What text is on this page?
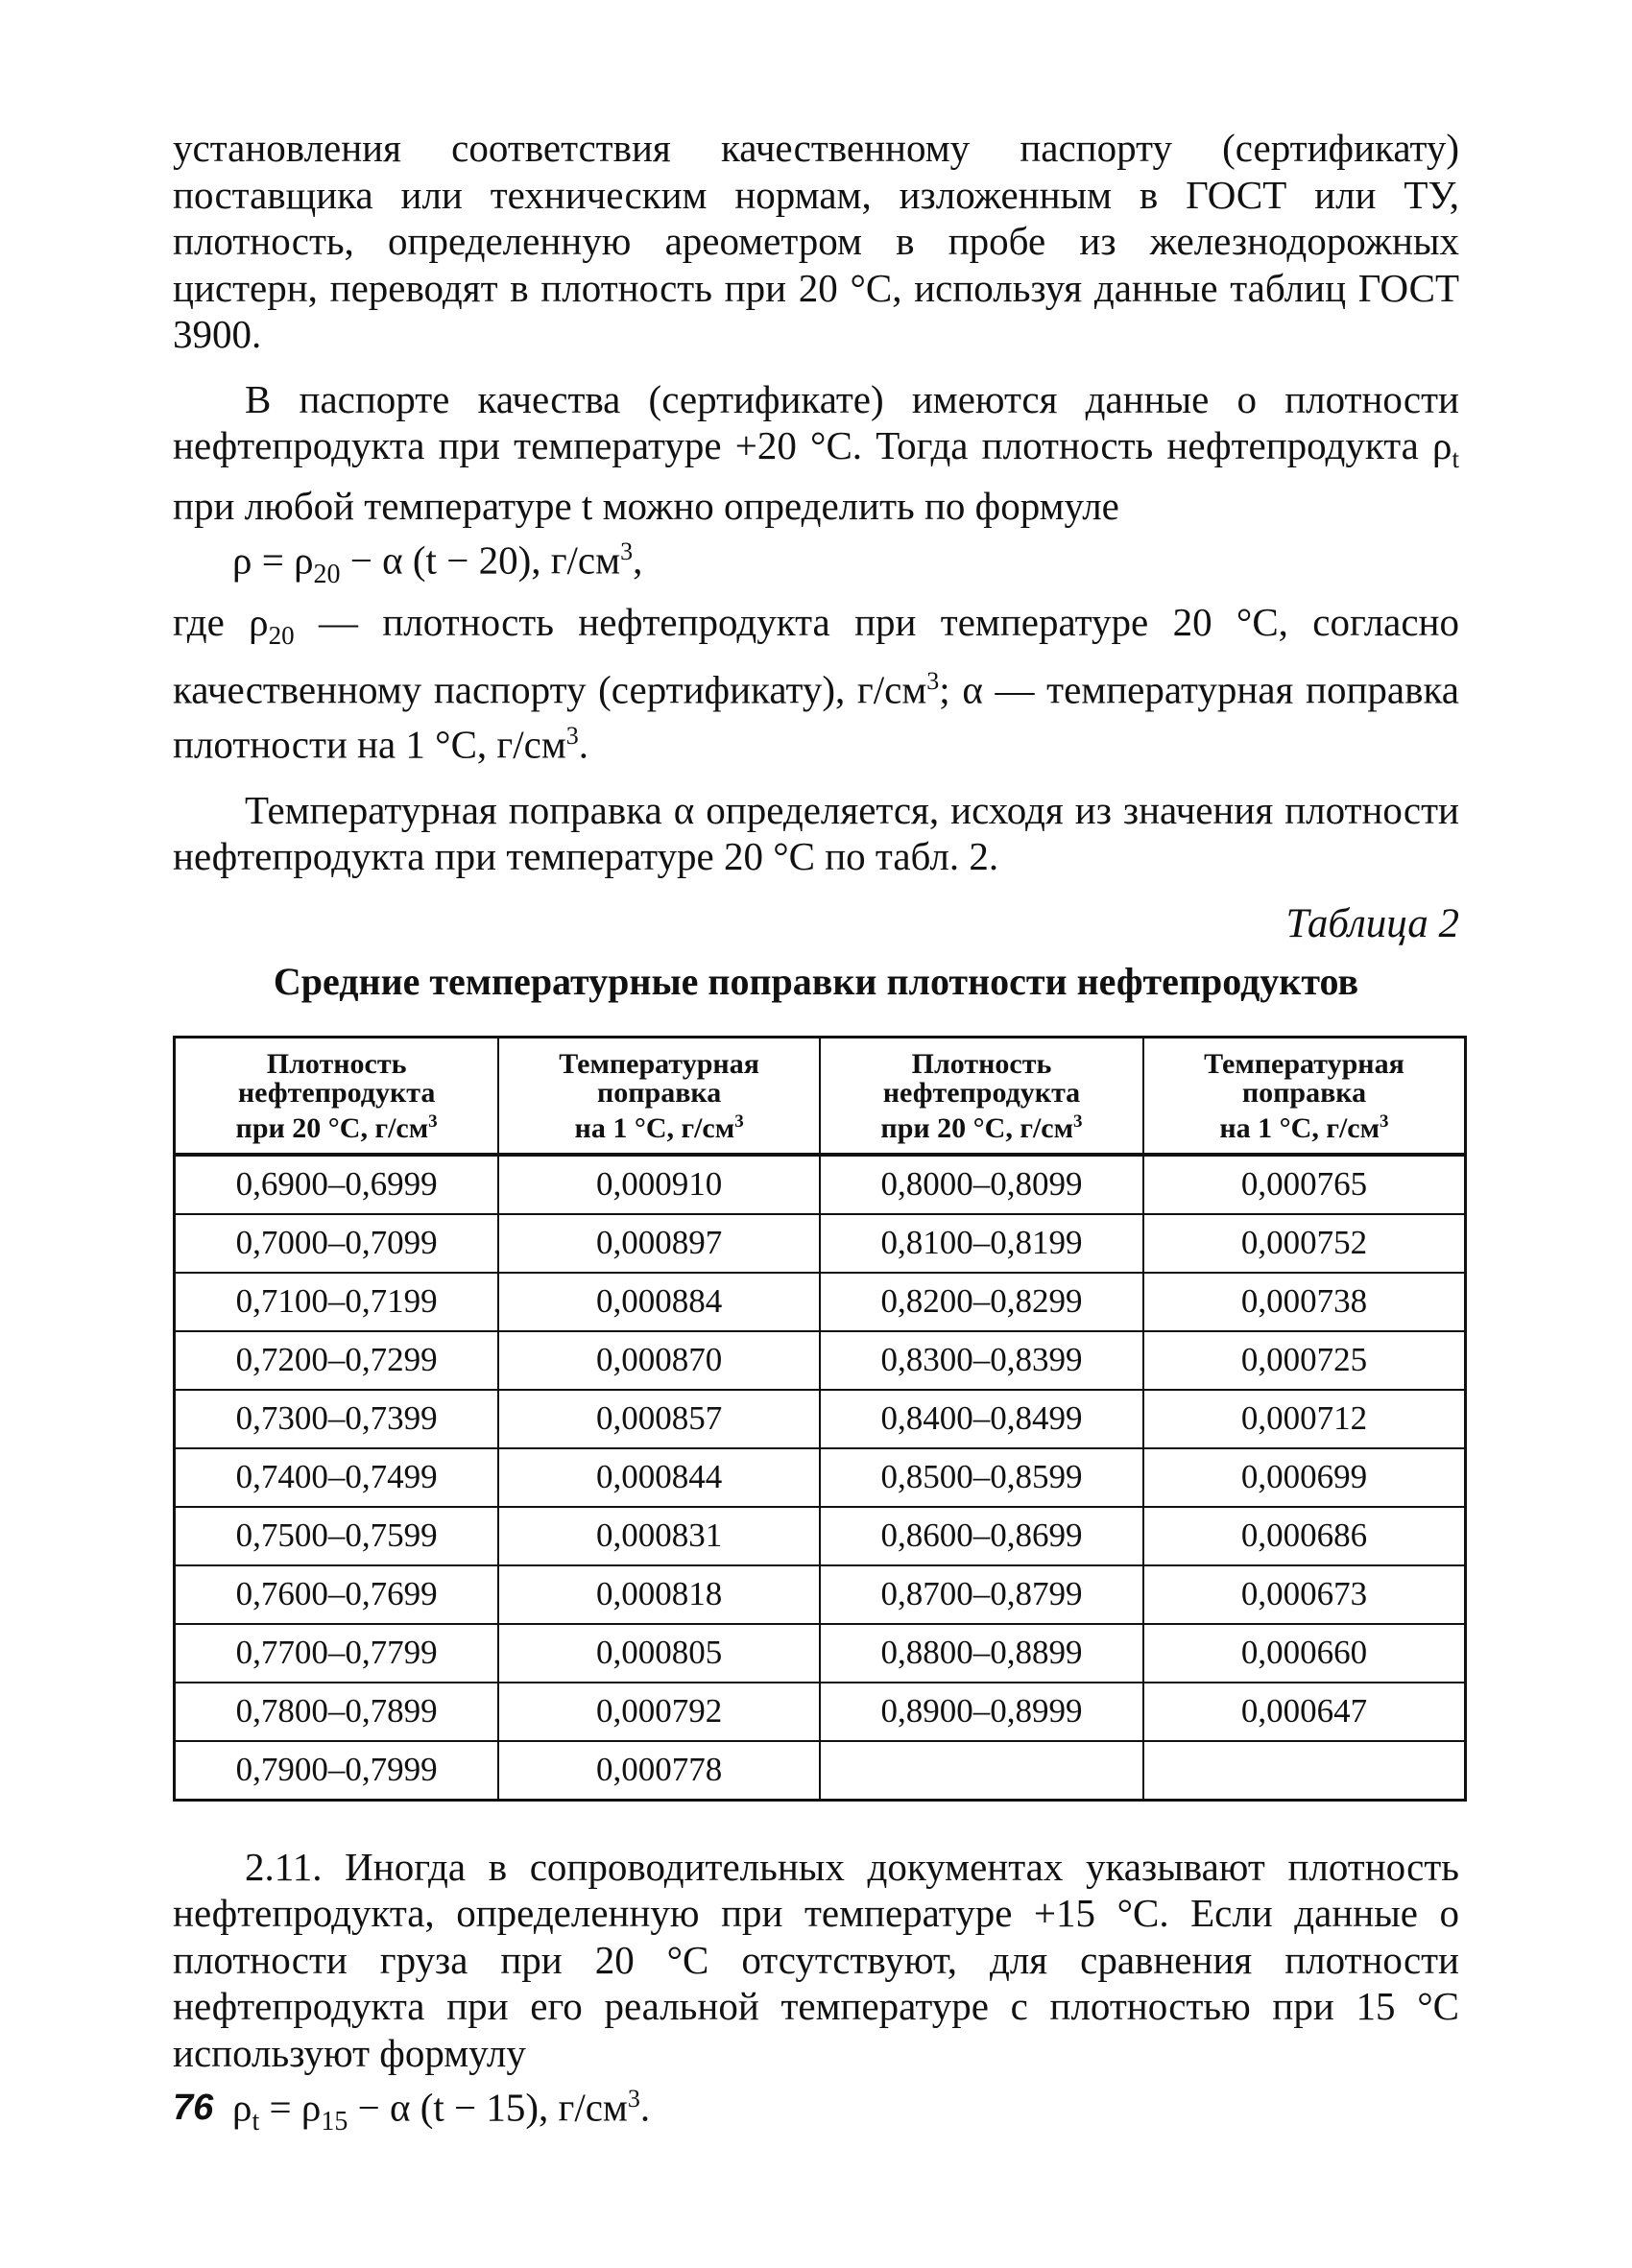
установления соответствия качественному паспорту (сертификату) поставщика или техническим нормам, изложенным в ГОСТ или ТУ, плотность, определенную ареометром в пробе из железнодорожных цистерн, переводят в плотность при 20 °С, используя данные таблиц ГОСТ 3900.

В паспорте качества (сертификате) имеются данные о плотности нефтепродукта при температуре +20 °С. Тогда плотность нефтепродукта $\rho_t$ при любой температуре t можно определить по формуле

$\rho = \rho_{20} - \alpha$ (t − 20), $г/см^3$,

где $\rho_{20}$ — плотность нефтепродукта при температуре 20 °С, согласно качественному паспорту (сертификату), $г/см^3$; α — температурная поправка плотности на 1 °С, $г/см^3$.

Температурная поправка α определяется, исходя из значения плотности нефтепродукта при температуре 20 °С по табл. 2.

Таблица 2
Средние температурные поправки плотности нефтепродуктов
Плотность
нефтепродукта
при 20 °С, $г/см^3$	Температурная
поправка
на 1 °С, $г/см^3$	Плотность
нефтепродукта
при 20 °С, $г/см^3$	Температурная
поправка
на 1 °С, $г/см^3$
0,6900–0,6999	0,000910	0,8000–0,8099	0,000765
0,7000–0,7099	0,000897	0,8100–0,8199	0,000752
0,7100–0,7199	0,000884	0,8200–0,8299	0,000738
0,7200–0,7299	0,000870	0,8300–0,8399	0,000725
0,7300–0,7399	0,000857	0,8400–0,8499	0,000712
0,7400–0,7499	0,000844	0,8500–0,8599	0,000699
0,7500–0,7599	0,000831	0,8600–0,8699	0,000686
0,7600–0,7699	0,000818	0,8700–0,8799	0,000673
0,7700–0,7799	0,000805	0,8800–0,8899	0,000660
0,7800–0,7899	0,000792	0,8900–0,8999	0,000647
0,7900–0,7999	0,000778		

2.11. Иногда в сопроводительных документах указывают плотность нефтепродукта, определенную при температуре +15 °С. Если данные о плотности груза при 20 °С отсутствуют, для сравнения плотности нефтепродукта при его реальной температуре с плотностью при 15 °С используют формулу

$\rho_t = \rho_{15} - \alpha$ (t − 15), $г/см^3$.
76
